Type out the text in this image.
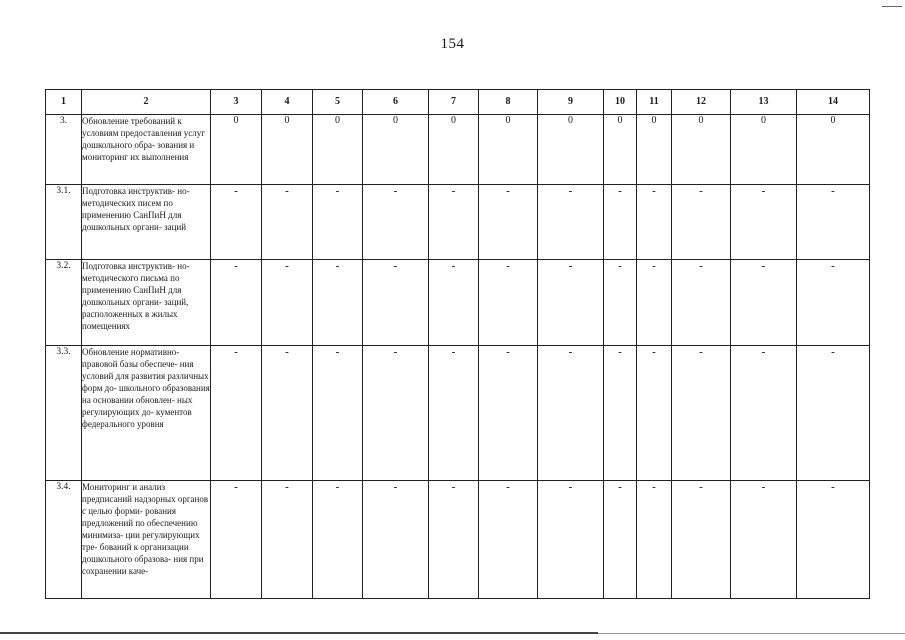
154
1	2	3	4	5	6	7	8	9	10	11	12	13	14
3.	Обновление требований к условиям предоставления услуг дошкольного обра- зования и мониторинг их выполнения	0	0	0	0	0	0	0	0	0	0	0	0
3.1.	Подготовка инструктив- но-методических писем по применению СанПиН для дошкольных органи- заций	-	-	-	-	-	-	-	-	-	-	-	-
3.2.	Подготовка инструктив- но-методического письма по применению СанПиН для дошкольных органи- заций, расположенных в жилых помещениях	-	-	-	-	-	-	-	-	-	-	-	-
3.3.	Обновление нормативно- правовой базы обеспече- ния условий для развития различных форм до- школьного образования на основании обновлен- ных регулирующих до- кументов федерального уровня	-	-	-	-	-	-	-	-	-	-	-	-
3.4.	Мониторинг и анализ предписаний надзорных органов с целью форми- рования предложений по обеспечению минимиза- ции регулирующих тре- бований к организации дошкольного образова- ния при сохранении каче-	-	-	-	-	-	-	-	-	-	-	-	-
